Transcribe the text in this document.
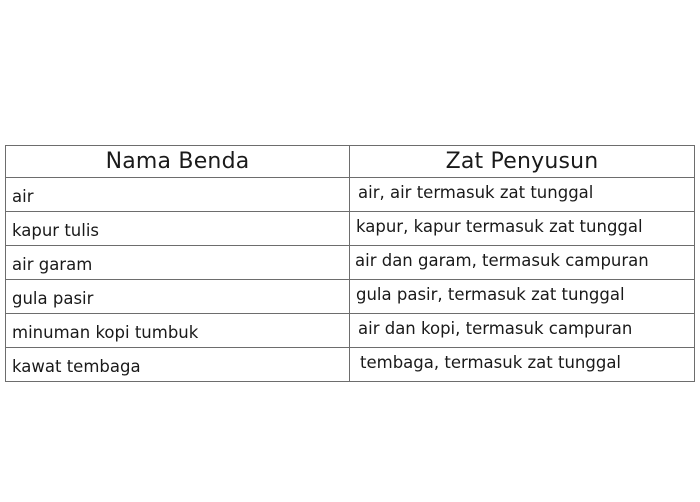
Nama Benda	Zat Penyusun
air	air, air termasuk zat tunggal
kapur tulis	kapur, kapur termasuk zat tunggal
air garam	air dan garam, termasuk campuran
gula pasir	gula pasir, termasuk zat tunggal
minuman kopi tumbuk	air dan kopi, termasuk campuran
kawat tembaga	tembaga, termasuk zat tunggal
